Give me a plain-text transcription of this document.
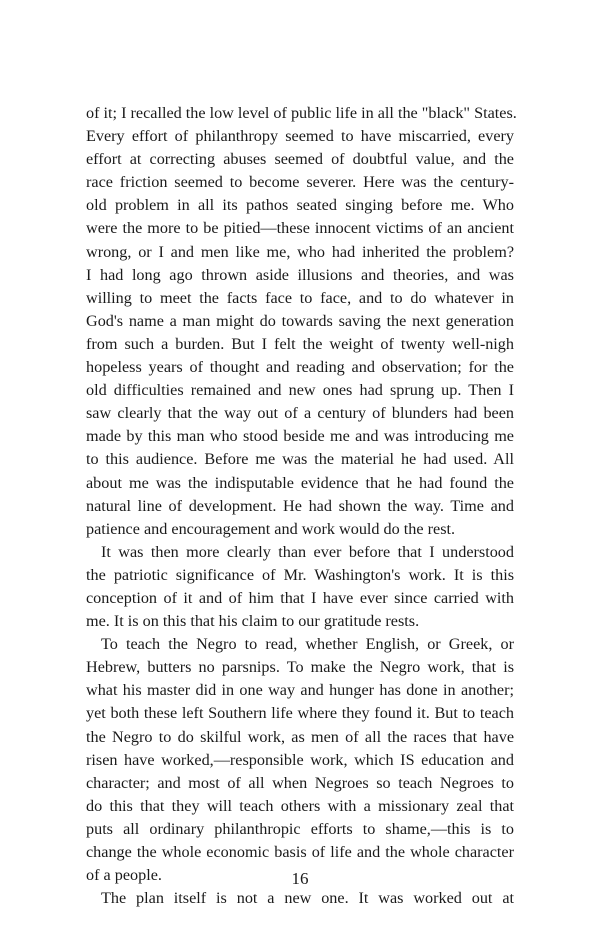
of it; I recalled the low level of public life in all the "black" States.
Every effort of philanthropy seemed to have miscarried, every
effort at correcting abuses seemed of doubtful value, and the
race friction seemed to become severer. Here was the century-
old problem in all its pathos seated singing before me. Who
were the more to be pitied—these innocent victims of an ancient
wrong, or I and men like me, who had inherited the problem?
I had long ago thrown aside illusions and theories, and was
willing to meet the facts face to face, and to do whatever in
God's name a man might do towards saving the next generation
from such a burden. But I felt the weight of twenty well-nigh
hopeless years of thought and reading and observation; for the
old difficulties remained and new ones had sprung up. Then I
saw clearly that the way out of a century of blunders had been
made by this man who stood beside me and was introducing me
to this audience. Before me was the material he had used. All
about me was the indisputable evidence that he had found the
natural line of development. He had shown the way. Time and
patience and encouragement and work would do the rest.
It was then more clearly than ever before that I understood
the patriotic significance of Mr. Washington's work. It is this
conception of it and of him that I have ever since carried with
me. It is on this that his claim to our gratitude rests.
To teach the Negro to read, whether English, or Greek, or
Hebrew, butters no parsnips. To make the Negro work, that is
what his master did in one way and hunger has done in another;
yet both these left Southern life where they found it. But to teach
the Negro to do skilful work, as men of all the races that have
risen have worked,—responsible work, which IS education and
character; and most of all when Negroes so teach Negroes to
do this that they will teach others with a missionary zeal that
puts all ordinary philanthropic efforts to shame,—this is to
change the whole economic basis of life and the whole character
of a people.
The plan itself is not a new one. It was worked out at
16
